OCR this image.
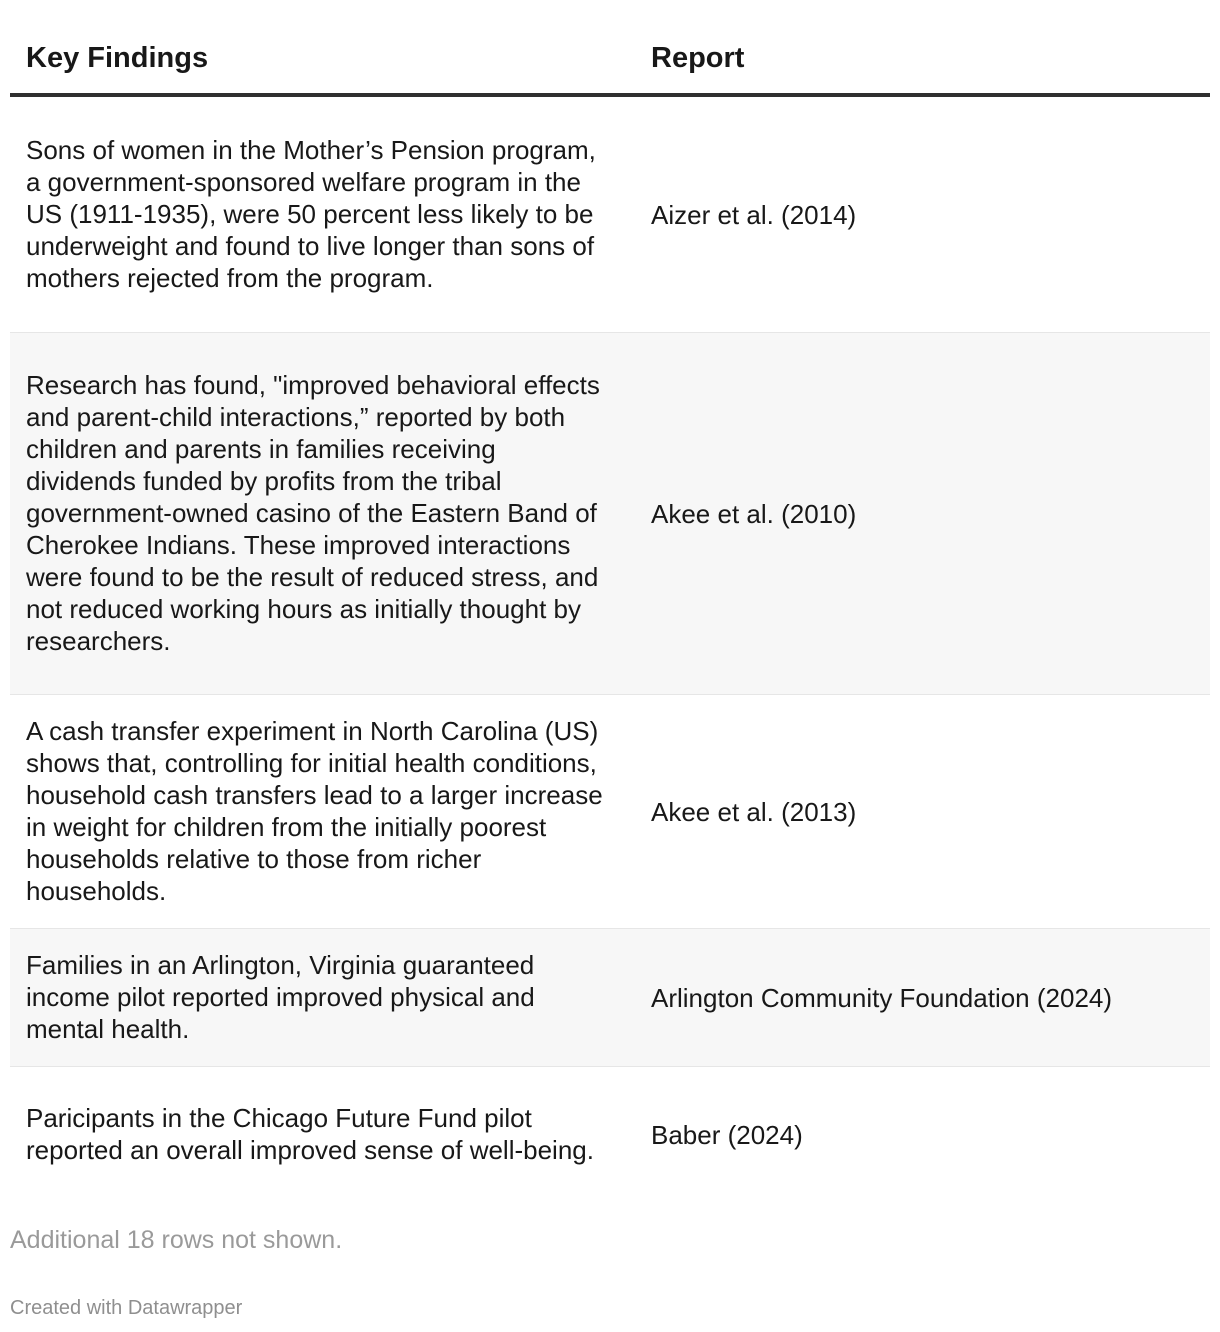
Key Findings	Report
Sons of women in the Mother’s Pension program, a government-sponsored welfare program in the US (1911-1935), were 50 percent less likely to be underweight and found to live longer than sons of mothers rejected from the program.
Aizer et al. (2014)
Research has found, "improved behavioral effects and parent-child interactions,” reported by both children and parents in families receiving dividends funded by profits from the tribal government-owned casino of the Eastern Band of Cherokee Indians. These improved interactions were found to be the result of reduced stress, and not reduced working hours as initially thought by researchers.
Akee et al. (2010)
A cash transfer experiment in North Carolina (US) shows that, controlling for initial health conditions, household cash transfers lead to a larger increase in weight for children from the initially poorest households relative to those from richer households.
Akee et al. (2013)
Families in an Arlington, Virginia guaranteed income pilot reported improved physical and mental health.
Arlington Community Foundation (2024)
Paricipants in the Chicago Future Fund pilot reported an overall improved sense of well-being.	Baber (2024)
Additional 18 rows not shown.
Created with Datawrapper
